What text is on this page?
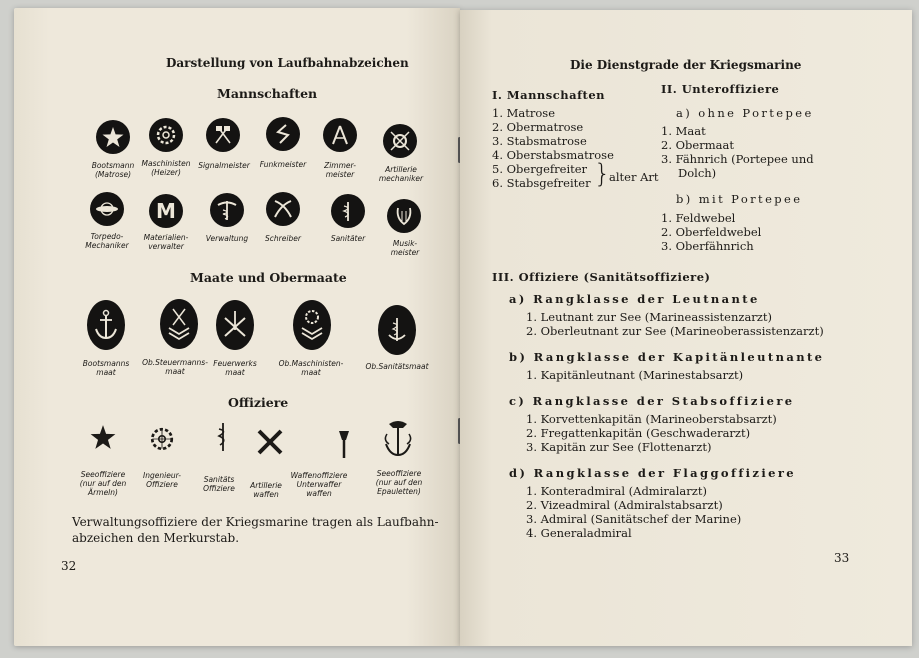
Darstellung von Laufbahnabzeichen
Mannschaften
Bootsmann
(Matrose)
Maschinisten
(Heizer)
Signalmeister	Funkmeister	Zimmer-
meister
Artillerie
mechaniker
M
Torpedo-
Mechaniker
Materialien-
verwalter
Verwaltung	Schreiber	Sanitäter
Musik-
meister
Maate und Obermaate
Bootsmanns
maat
Ob.Steuermanns-
maat
Feuerwerks
maat
Ob.Maschinisten-
maat
Ob.Sanitätsmaat
Offiziere
Seeoffiziere
(nur auf den
Ärmeln)
Ingenieur-
Offiziere
Sanitäts
Offiziere	Artillerie
waffen
Waffenoffiziere
Unterwaffer
waffen
Seeoffiziere
(nur auf den
Epauletten)
Verwaltungsoffiziere der Kriegsmarine tragen als Laufbahn-
abzeichen den Merkurstab.
32
Die Dienstgrade der Kriegsmarine
I. Mannschaften
1. Matrose
2. Obermatrose
3. Stabsmatrose
4. Oberstabsmatrose
5. Obergefreiter
6. Stabsgefreiter }
alter Art
II. Unteroffiziere
a) ohne Portepee
1. Maat
2. Obermaat
3. Fähnrich (Portepee und
Dolch)
b) mit Portepee
1. Feldwebel
2. Oberfeldwebel
3. Oberfähnrich
III. Offiziere (Sanitätsoffiziere)
a) Rangklasse der Leutnante
1. Leutnant zur See (Marineassistenzarzt)
2. Oberleutnant zur See (Marineoberassistenzarzt)
b) Rangklasse der Kapitänleutnante
1. Kapitänleutnant (Marinestabsarzt)
c) Rangklasse der Stabsoffiziere
1. Korvettenkapitän (Marineoberstabsarzt)
2. Fregattenkapitän (Geschwaderarzt)
3. Kapitän zur See (Flottenarzt)
d) Rangklasse der Flaggoffiziere
1. Konteradmiral (Admiralarzt)
2. Vizeadmiral (Admiralstabsarzt)
3. Admiral (Sanitätschef der Marine)
4. Generaladmiral
33
